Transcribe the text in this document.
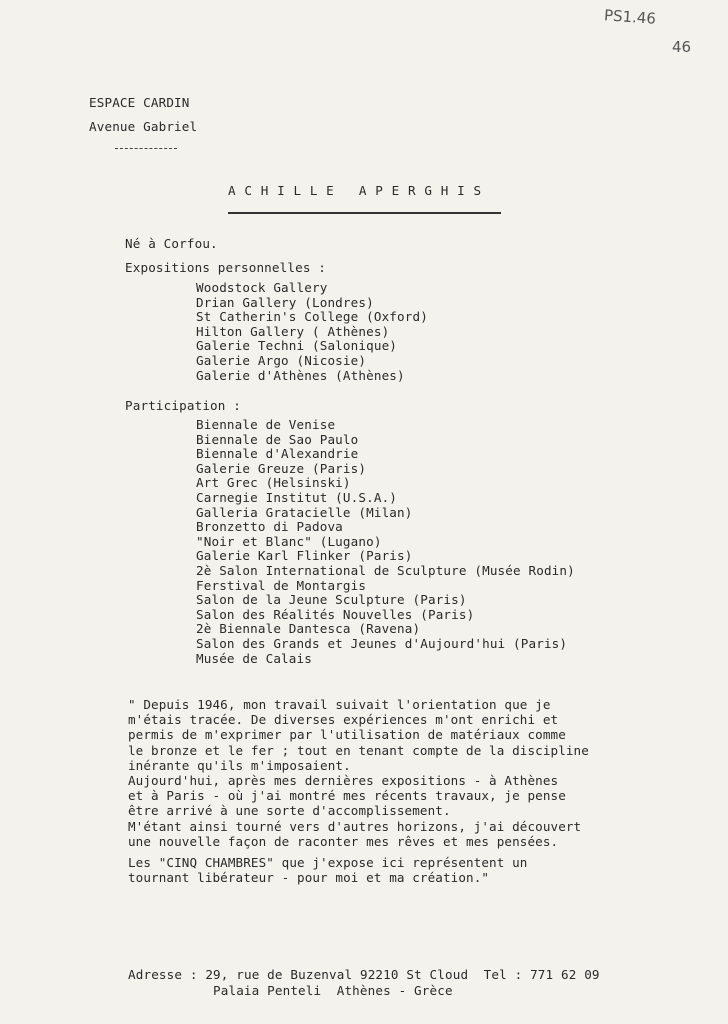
PS1.46
46
ESPACE CARDIN
Avenue Gabriel
A C H I L L E   A P E R G H I S
Né à Corfou.
Expositions personnelles :
Woodstock Gallery
Drian Gallery (Londres)
St Catherin's College (Oxford)
Hilton Gallery ( Athènes)
Galerie Techni (Salonique)
Galerie Argo (Nicosie)
Galerie d'Athènes (Athènes)
Participation :
Biennale de Venise
Biennale de Sao Paulo
Biennale d'Alexandrie
Galerie Greuze (Paris)
Art Grec (Helsinski)
Carnegie Institut (U.S.A.)
Galleria Gratacielle (Milan)
Bronzetto di Padova
"Noir et Blanc" (Lugano)
Galerie Karl Flinker (Paris)
2è Salon International de Sculpture (Musée Rodin)
Ferstival de Montargis
Salon de la Jeune Sculpture (Paris)
Salon des Réalités Nouvelles (Paris)
2è Biennale Dantesca (Ravena)
Salon des Grands et Jeunes d'Aujourd'hui (Paris)
Musée de Calais
" Depuis 1946, mon travail suivait l'orientation que je
m'étais tracée. De diverses expériences m'ont enrichi et
permis de m'exprimer par l'utilisation de matériaux comme
le bronze et le fer ; tout en tenant compte de la discipline
inérante qu'ils m'imposaient.
Aujourd'hui, après mes dernières expositions - à Athènes
et à Paris - où j'ai montré mes récents travaux, je pense
être arrivé à une sorte d'accomplissement.
M'étant ainsi tourné vers d'autres horizons, j'ai découvert
une nouvelle façon de raconter mes rêves et mes pensées.
Les "CINQ CHAMBRES" que j'expose ici représentent un
tournant libérateur - pour moi et ma création."
Adresse : 29, rue de Buzenval 92210 St Cloud  Tel : 771 62 09
Palaia Penteli  Athènes - Grèce
